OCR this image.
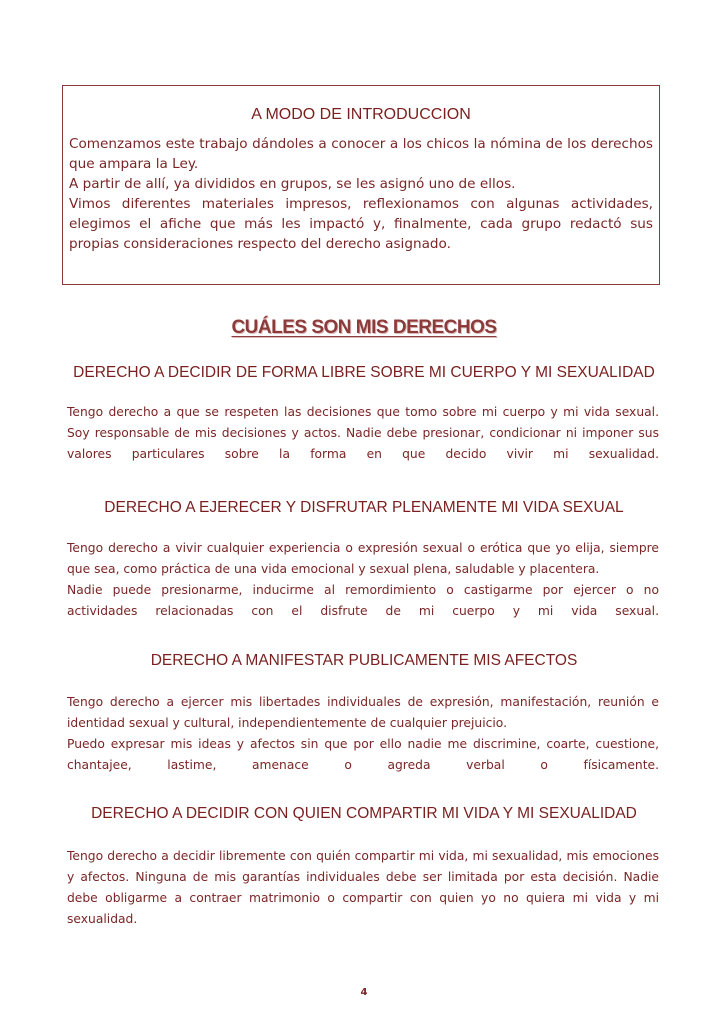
A MODO DE INTRODUCCION

Comenzamos este trabajo dándoles a conocer a los chicos la nómina de los derechos que ampara la Ley.

A partir de allí, ya divididos en grupos, se les asignó uno de ellos.

Vimos diferentes materiales impresos, reflexionamos con algunas actividades, elegimos el afiche que más les impactó y, finalmente, cada grupo redactó sus propias consideraciones respecto del derecho asignado.

CUÁLES SON MIS DERECHOS
DERECHO A DECIDIR DE FORMA LIBRE SOBRE MI CUERPO Y MI SEXUALIDAD

Tengo derecho a que se respeten las decisiones que tomo sobre mi cuerpo y mi vida sexual. Soy responsable de mis decisiones y actos. Nadie debe presionar, condicionar ni imponer sus valores particulares sobre la forma en que decido vivir mi sexualidad.

DERECHO A EJERECER Y DISFRUTAR PLENAMENTE MI VIDA SEXUAL

Tengo derecho a vivir cualquier experiencia o expresión sexual o erótica que yo elija, siempre que sea, como práctica de una vida emocional y sexual plena, saludable y placentera.

Nadie puede presionarme, inducirme al remordimiento o castigarme por ejercer o no actividades relacionadas con el disfrute de mi cuerpo y mi vida sexual.

DERECHO A MANIFESTAR PUBLICAMENTE MIS AFECTOS

Tengo derecho a ejercer mis libertades individuales de expresión, manifestación, reunión e identidad sexual y cultural, independientemente de cualquier prejuicio.

Puedo expresar mis ideas y afectos sin que por ello nadie me discrimine, coarte, cuestione, chantajee, lastime, amenace o agreda verbal o físicamente.

DERECHO A DECIDIR CON QUIEN COMPARTIR MI VIDA Y MI SEXUALIDAD

Tengo derecho a decidir libremente con quién compartir mi vida, mi sexualidad, mis emociones y afectos. Ninguna de mis garantías individuales debe ser limitada por esta decisión. Nadie debe obligarme a contraer matrimonio o compartir con quien yo no quiera mi vida y mi sexualidad.

4
